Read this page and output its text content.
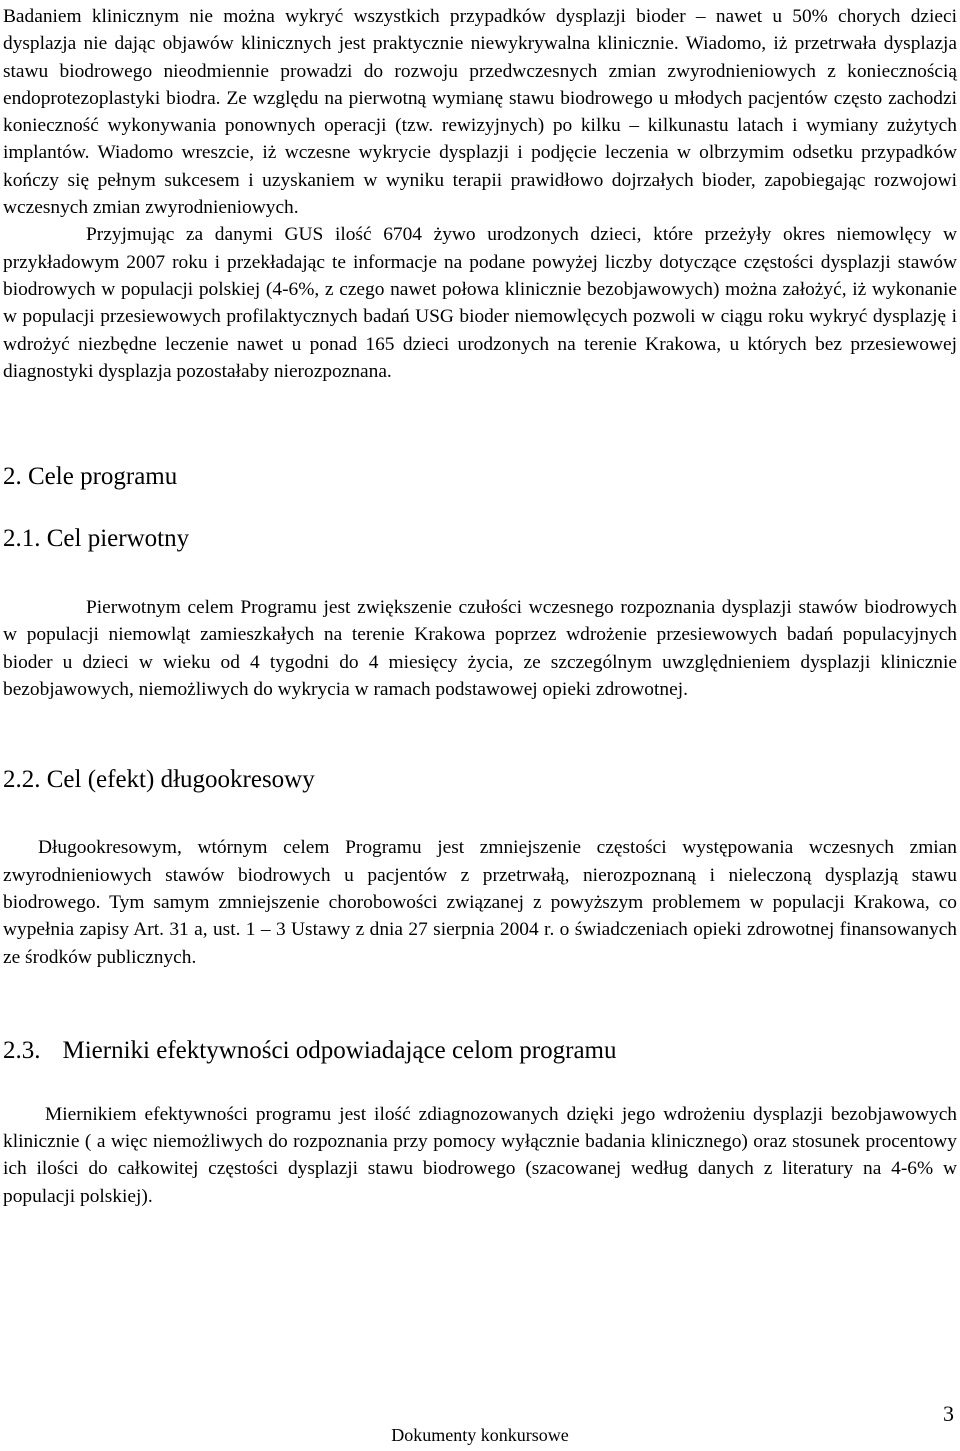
Badaniem klinicznym nie można wykryć wszystkich przypadków dysplazji bioder – nawet u 50% chorych dzieci dysplazja nie dając objawów klinicznych jest praktycznie niewykrywalna klinicznie. Wiadomo, iż przetrwała dysplazja stawu biodrowego nieodmiennie prowadzi do rozwoju przedwczesnych zmian zwyrodnieniowych z koniecznością endoprotezoplastyki biodra. Ze względu na pierwotną wymianę stawu biodrowego u młodych pacjentów często zachodzi konieczność wykonywania ponownych operacji (tzw. rewizyjnych) po kilku – kilkunastu latach i wymiany zużytych implantów. Wiadomo wreszcie, iż wczesne wykrycie dysplazji i podjęcie leczenia w olbrzymim odsetku przypadków kończy się pełnym sukcesem i uzyskaniem w wyniku terapii prawidłowo dojrzałych bioder, zapobiegając rozwojowi wczesnych zmian zwyrodnieniowych.

Przyjmując za danymi GUS ilość 6704 żywo urodzonych dzieci, które przeżyły okres niemowlęcy w przykładowym 2007 roku i przekładając te informacje na podane powyżej liczby dotyczące częstości dysplazji stawów biodrowych w populacji polskiej (4-6%, z czego nawet połowa klinicznie bezobjawowych) można założyć, iż wykonanie w populacji przesiewowych profilaktycznych badań USG bioder niemowlęcych pozwoli w ciągu roku wykryć dysplazję i wdrożyć niezbędne leczenie nawet u ponad 165 dzieci urodzonych na terenie Krakowa, u których bez przesiewowej diagnostyki dysplazja pozostałaby nierozpoznana.

2. Cele programu
2.1. Cel pierwotny

Pierwotnym celem Programu jest zwiększenie czułości wczesnego rozpoznania dysplazji stawów biodrowych w populacji niemowląt zamieszkałych na terenie Krakowa poprzez wdrożenie przesiewowych badań populacyjnych bioder u dzieci w wieku od 4 tygodni do 4 miesięcy życia, ze szczególnym uwzględnieniem dysplazji klinicznie bezobjawowych, niemożliwych do wykrycia w ramach podstawowej opieki zdrowotnej.

2.2. Cel (efekt) długookresowy

Długookresowym, wtórnym celem Programu jest zmniejszenie częstości występowania wczesnych zmian zwyrodnieniowych stawów biodrowych u pacjentów z przetrwałą, nierozpoznaną i nieleczoną dysplazją stawu biodrowego. Tym samym zmniejszenie chorobowości związanej z powyższym problemem w populacji Krakowa, co wypełnia zapisy Art. 31 a, ust. 1 – 3 Ustawy z dnia 27 sierpnia 2004 r. o świadczeniach opieki zdrowotnej finansowanych ze środków publicznych.

2.3. Mierniki efektywności odpowiadające celom programu

Miernikiem efektywności programu jest ilość zdiagnozowanych dzięki jego wdrożeniu dysplazji bezobjawowych klinicznie ( a więc niemożliwych do rozpoznania przy pomocy wyłącznie badania klinicznego) oraz stosunek procentowy ich ilości do całkowitej częstości dysplazji stawu biodrowego (szacowanej według danych z literatury na 4-6% w populacji polskiej).

3
Dokumenty konkursowe
